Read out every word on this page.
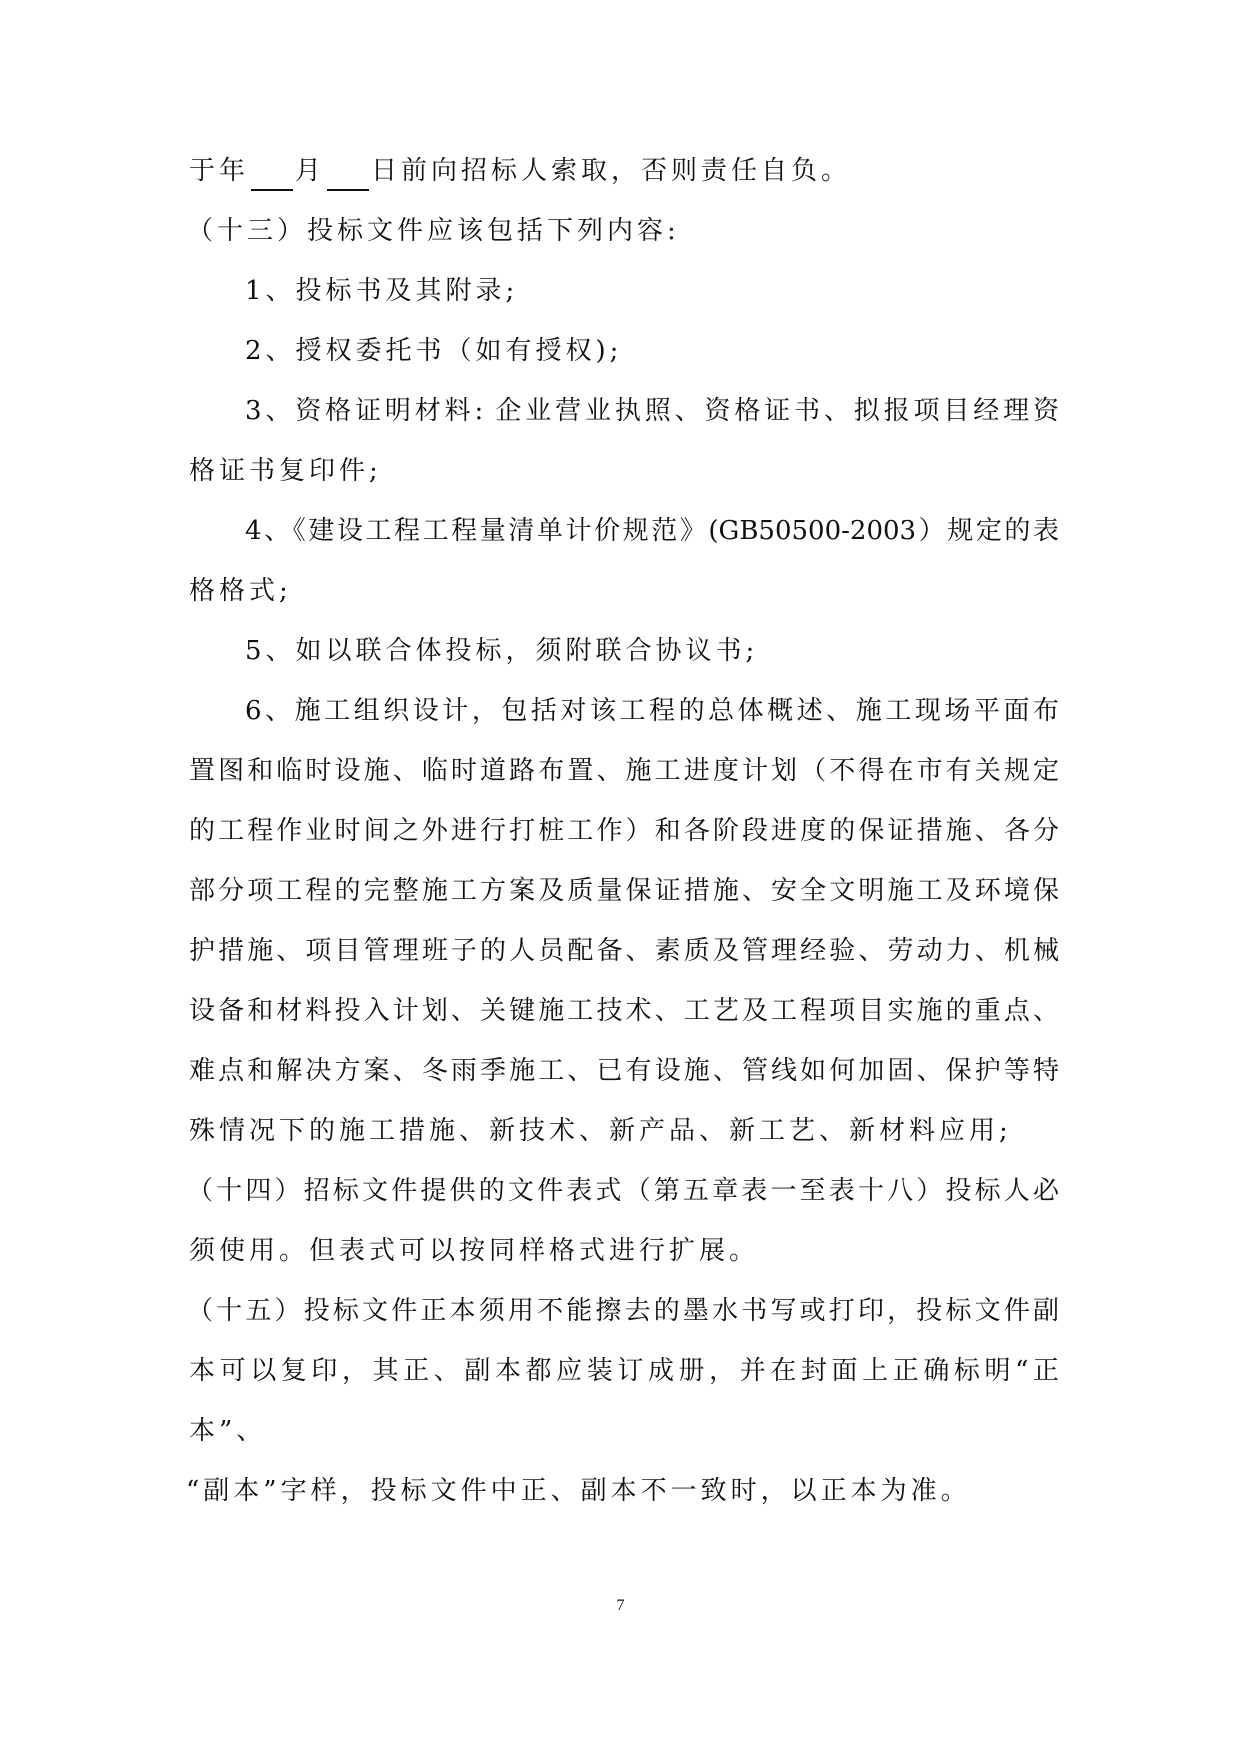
于年 月 日前向招标人索取，否则责任自负。
（十三）投标文件应该包括下列内容:
1、投标书及其附录;
2、授权委托书（如有授权);
3、资格证明材料: 企业营业执照、资格证书、拟报项目经理资
格证书复印件;
4、《建设工程工程量清单计价规范》(GB50500-2003）规定的表
格格式;
5、如以联合体投标，须附联合协议书;
6、施工组织设计，包括对该工程的总体概述、施工现场平面布
置图和临时设施、临时道路布置、施工进度计划（不得在市有关规定
的工程作业时间之外进行打桩工作）和各阶段进度的保证措施、各分
部分项工程的完整施工方案及质量保证措施、安全文明施工及环境保
护措施、项目管理班子的人员配备、素质及管理经验、劳动力、机械
设备和材料投入计划、关键施工技术、工艺及工程项目实施的重点、
难点和解决方案、冬雨季施工、已有设施、管线如何加固、保护等特
殊情况下的施工措施、新技术、新产品、新工艺、新材料应用;
（十四）招标文件提供的文件表式（第五章表一至表十八）投标人必
须使用。但表式可以按同样格式进行扩展。
（十五）投标文件正本须用不能擦去的墨水书写或打印，投标文件副
本可以复印，其正、副本都应装订成册，并在封面上正确标明“正
本”、
“副本”字样，投标文件中正、副本不一致时，以正本为准。
7
